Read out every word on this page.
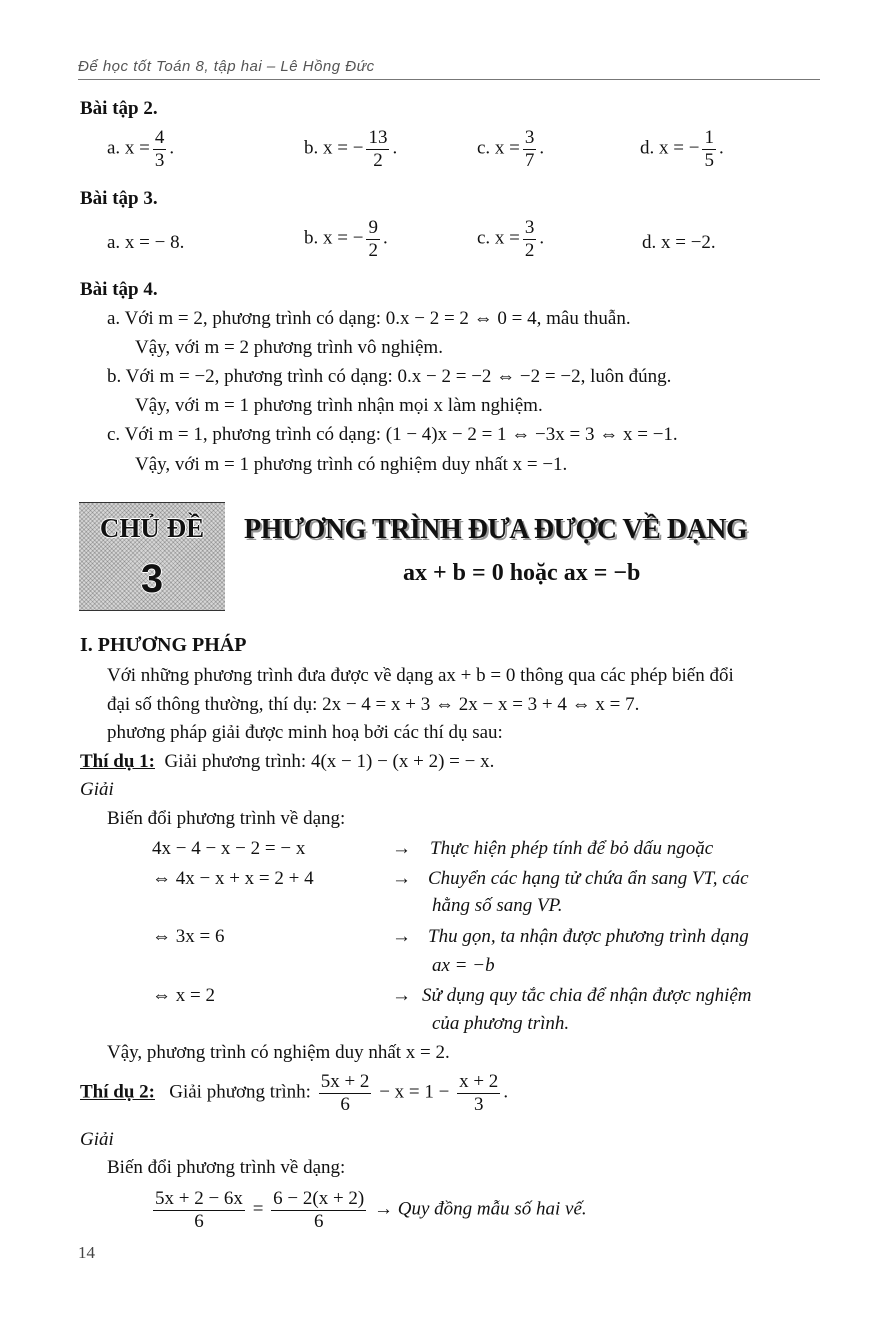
Để học tốt Toán 8, tập hai – Lê Hồng Đức
Bài tập 2.
a. $x = \frac{4}{3}$ .	b. x = − $\frac{13}{2}$ .	c. $x = \frac{3}{7}$ .	d. x = − $\frac{1}{5}$ .
Bài tập 3.
a. x = − 8.	b. x = − $\frac{9}{2}$ .	c. $x = \frac{3}{2}$ .	d. x = −2.
Bài tập 4.
a. Với m = 2, phương trình có dạng: 0.x − 2 = 2 ⇔ 0 = 4, mâu thuẫn.
Vậy, với m = 2 phương trình vô nghiệm.
b. Với m = −2, phương trình có dạng: 0.x − 2 = −2 ⇔ −2 = −2, luôn đúng.
Vậy, với m = 1 phương trình nhận mọi x làm nghiệm.
c. Với m = 1, phương trình có dạng: (1 − 4)x − 2 = 1 ⇔ −3x = 3 ⇔ x = −1.
Vậy, với m = 1 phương trình có nghiệm duy nhất x = −1.
CHỦ ĐỀ
3
PHƯƠNG TRÌNH ĐƯA ĐƯỢC VỀ DẠNG
ax + b = 0 hoặc ax = −b
I. PHƯƠNG PHÁP
Với những phương trình đưa được về dạng ax + b = 0 thông qua các phép biến đổi
đại số thông thường, thí dụ: 2x − 4 = x + 3 ⇔ 2x − x = 3 + 4 ⇔ x = 7.
phương pháp giải được minh hoạ bởi các thí dụ sau:
Thí dụ 1: Giải phương trình: 4(x − 1) − (x + 2) = − x.
Giải
Biến đổi phương trình về dạng:
4x − 4 − x − 2 = − x	→ Thực hiện phép tính để bỏ dấu ngoặc
⇔ 4x − x + x = 2 + 4	→ Chuyển các hạng tử chứa ẩn sang VT, các
hằng số sang VP.
⇔ 3x = 6	→ Thu gọn, ta nhận được phương trình dạng
ax = −b
⇔ x = 2	→ Sử dụng quy tắc chia để nhận được nghiệm
của phương trình.
Vậy, phương trình có nghiệm duy nhất x = 2.
Thí dụ 2: Giải phương trình: $\frac{5x + 2}{6} - x = 1 - \frac{x + 2}{3}$ .
Giải
Biến đổi phương trình về dạng:
$\frac{5x + 2 - 6x}{6} = \frac{6 - 2(x + 2)}{6}$ → Quy đồng mẫu số hai vế.
14
